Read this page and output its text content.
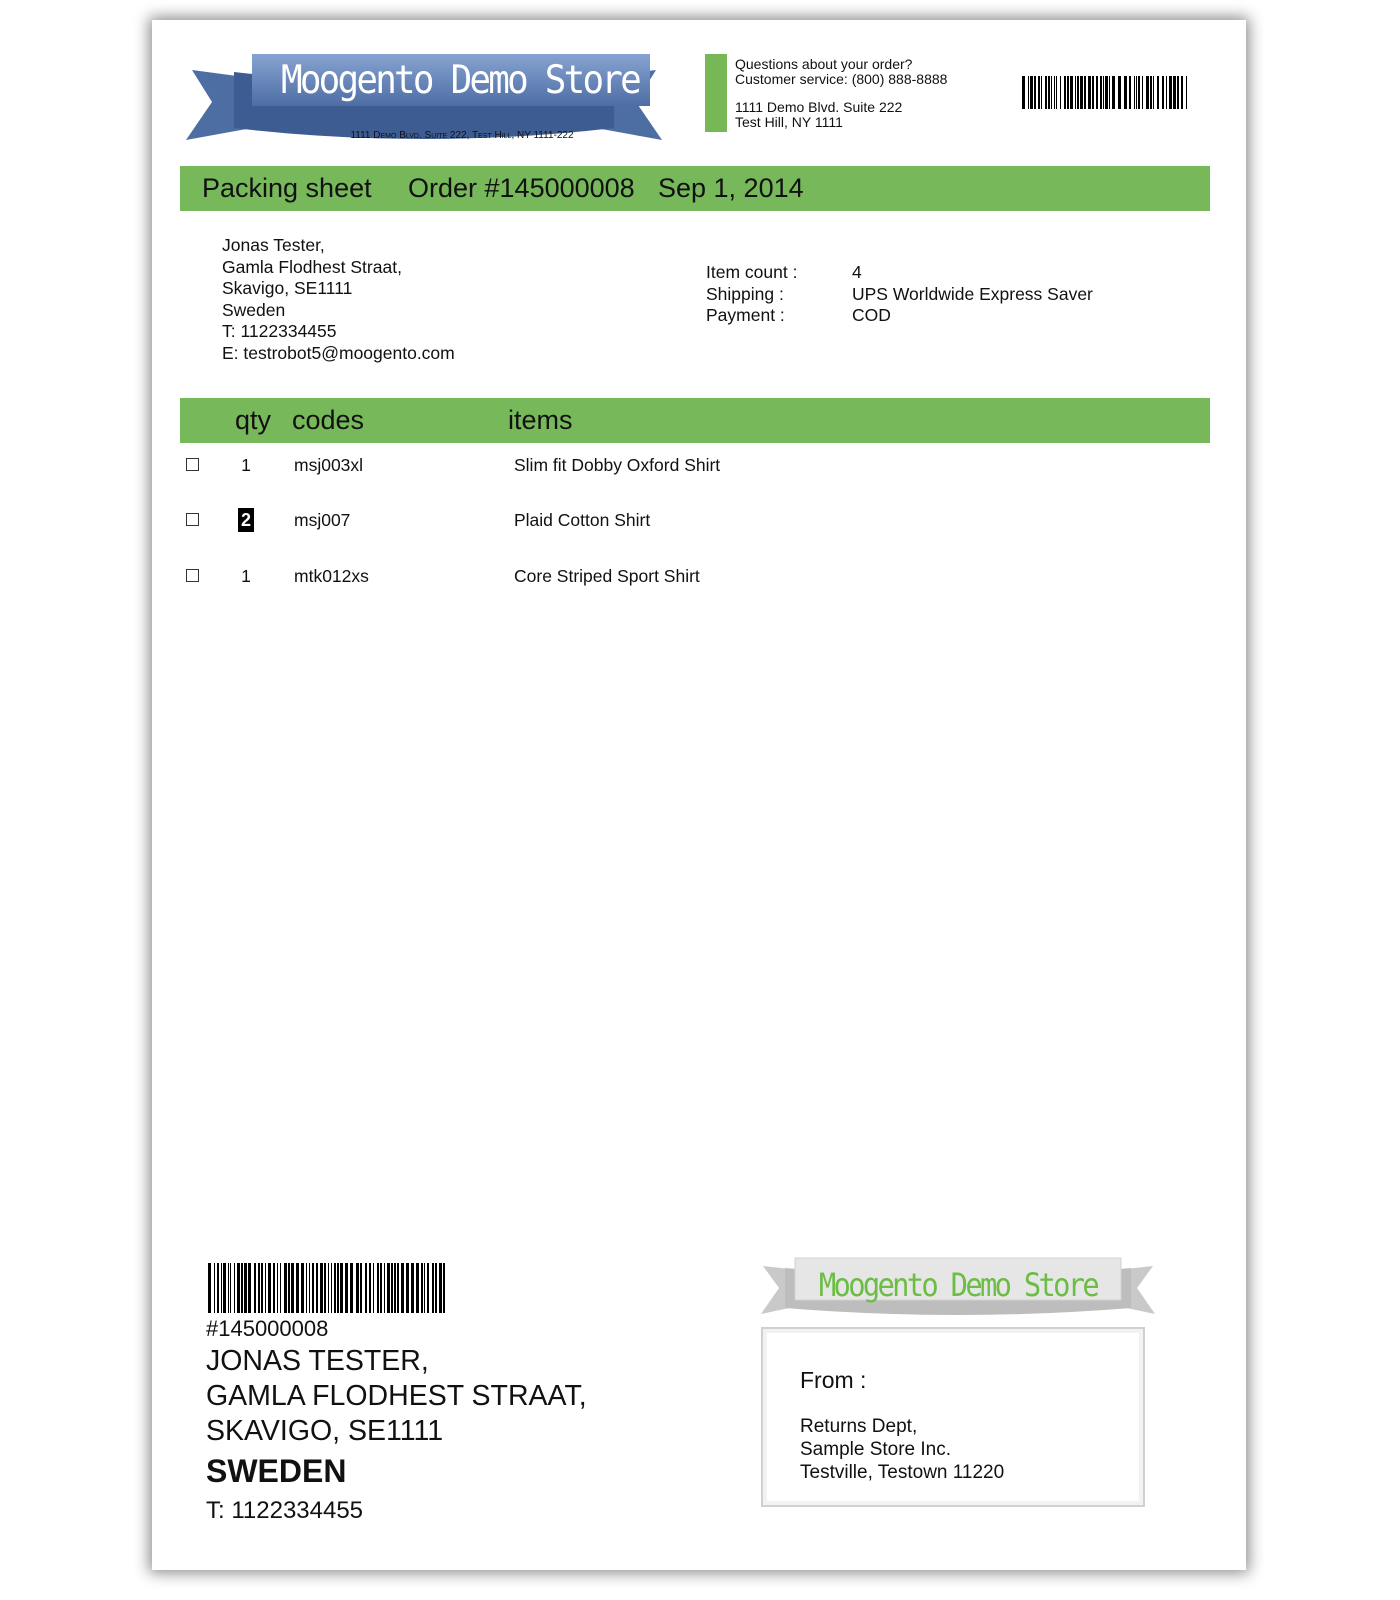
Moogento Demo Store
1111 Demo Blvd. Suite 222, Test Hill, NY 1111-222
Questions about your order?
Customer service: (800) 888-8888
1111 Demo Blvd. Suite 222
Test Hill, NY 1111
Packing sheet Order #145000008 Sep 1, 2014
Jonas Tester,
Gamla Flodhest Straat,
Skavigo, SE1111
Sweden
T: 1122334455
E: testrobot5@moogento.com
Item count :	4
Shipping :	UPS Worldwide Express Saver
Payment :	COD
qty codes	items
1 msj003xl	Slim fit Dobby Oxford Shirt
2 msj007	Plaid Cotton Shirt
1 mtk012xs	Core Striped Sport Shirt
#145000008
JONAS TESTER,
GAMLA FLODHEST STRAAT,
SKAVIGO, SE1111
SWEDEN
T: 1122334455
Moogento Demo Store
From :
Returns Dept,
Sample Store Inc.
Testville, Testown 11220
